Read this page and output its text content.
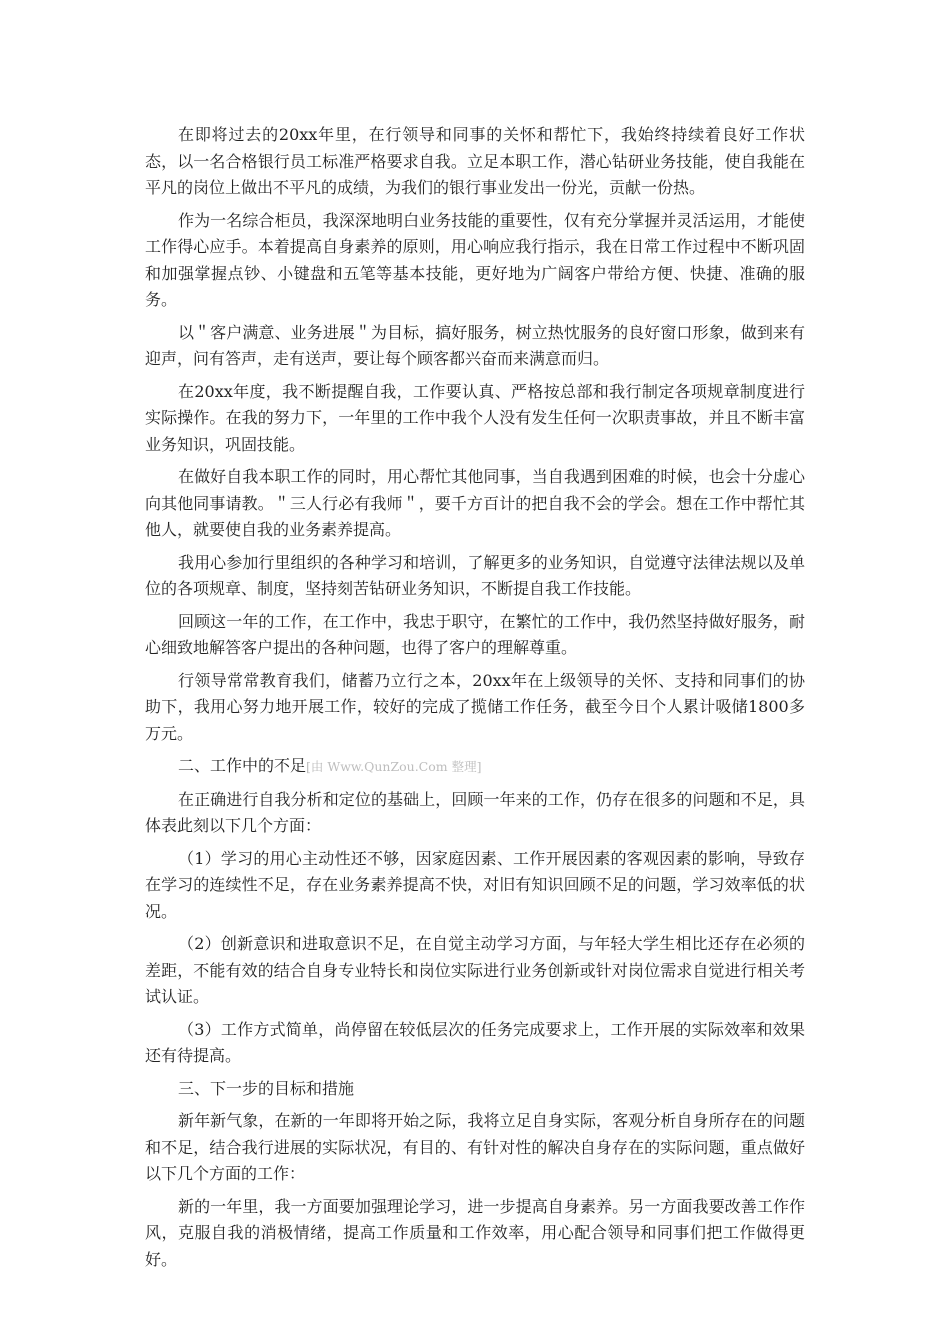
在即将过去的20xx年里，在行领导和同事的关怀和帮忙下，我始终持续着良好工作状态，以一名合格银行员工标准严格要求自我。立足本职工作，潜心钻研业务技能，使自我能在平凡的岗位上做出不平凡的成绩，为我们的银行事业发出一份光，贡献一份热。

作为一名综合柜员，我深深地明白业务技能的重要性，仅有充分掌握并灵活运用，才能使工作得心应手。本着提高自身素养的原则，用心响应我行指示，我在日常工作过程中不断巩固和加强掌握点钞、小键盘和五笔等基本技能，更好地为广阔客户带给方便、快捷、准确的服务。

以＂客户满意、业务进展＂为目标，搞好服务，树立热忱服务的良好窗口形象，做到来有迎声，问有答声，走有送声，要让每个顾客都兴奋而来满意而归。

在20xx年度，我不断提醒自我，工作要认真、严格按总部和我行制定各项规章制度进行实际操作。在我的努力下，一年里的工作中我个人没有发生任何一次职责事故，并且不断丰富业务知识，巩固技能。

在做好自我本职工作的同时，用心帮忙其他同事，当自我遇到困难的时候，也会十分虚心向其他同事请教。＂三人行必有我师＂，要千方百计的把自我不会的学会。想在工作中帮忙其他人，就要使自我的业务素养提高。

我用心参加行里组织的各种学习和培训，了解更多的业务知识，自觉遵守法律法规以及单位的各项规章、制度，坚持刻苦钻研业务知识，不断提自我工作技能。

回顾这一年的工作，在工作中，我忠于职守，在繁忙的工作中，我仍然坚持做好服务，耐心细致地解答客户提出的各种问题，也得了客户的理解尊重。

行领导常常教育我们，储蓄乃立行之本，20xx年在上级领导的关怀、支持和同事们的协助下，我用心努力地开展工作，较好的完成了揽储工作任务，截至今日个人累计吸储1800多万元。

二、工作中的不足[由 Www.QunZou.Com 整理]

在正确进行自我分析和定位的基础上，回顾一年来的工作，仍存在很多的问题和不足，具体表此刻以下几个方面：

（1）学习的用心主动性还不够，因家庭因素、工作开展因素的客观因素的影响，导致存在学习的连续性不足，存在业务素养提高不快，对旧有知识回顾不足的问题，学习效率低的状况。

（2）创新意识和进取意识不足，在自觉主动学习方面，与年轻大学生相比还存在必须的差距，不能有效的结合自身专业特长和岗位实际进行业务创新或针对岗位需求自觉进行相关考试认证。

（3）工作方式简单，尚停留在较低层次的任务完成要求上，工作开展的实际效率和效果还有待提高。

三、下一步的目标和措施

新年新气象，在新的一年即将开始之际，我将立足自身实际，客观分析自身所存在的问题和不足，结合我行进展的实际状况，有目的、有针对性的解决自身存在的实际问题，重点做好以下几个方面的工作：

新的一年里，我一方面要加强理论学习，进一步提高自身素养。另一方面我要改善工作作风，克服自我的消极情绪，提高工作质量和工作效率，用心配合领导和同事们把工作做得更好。
